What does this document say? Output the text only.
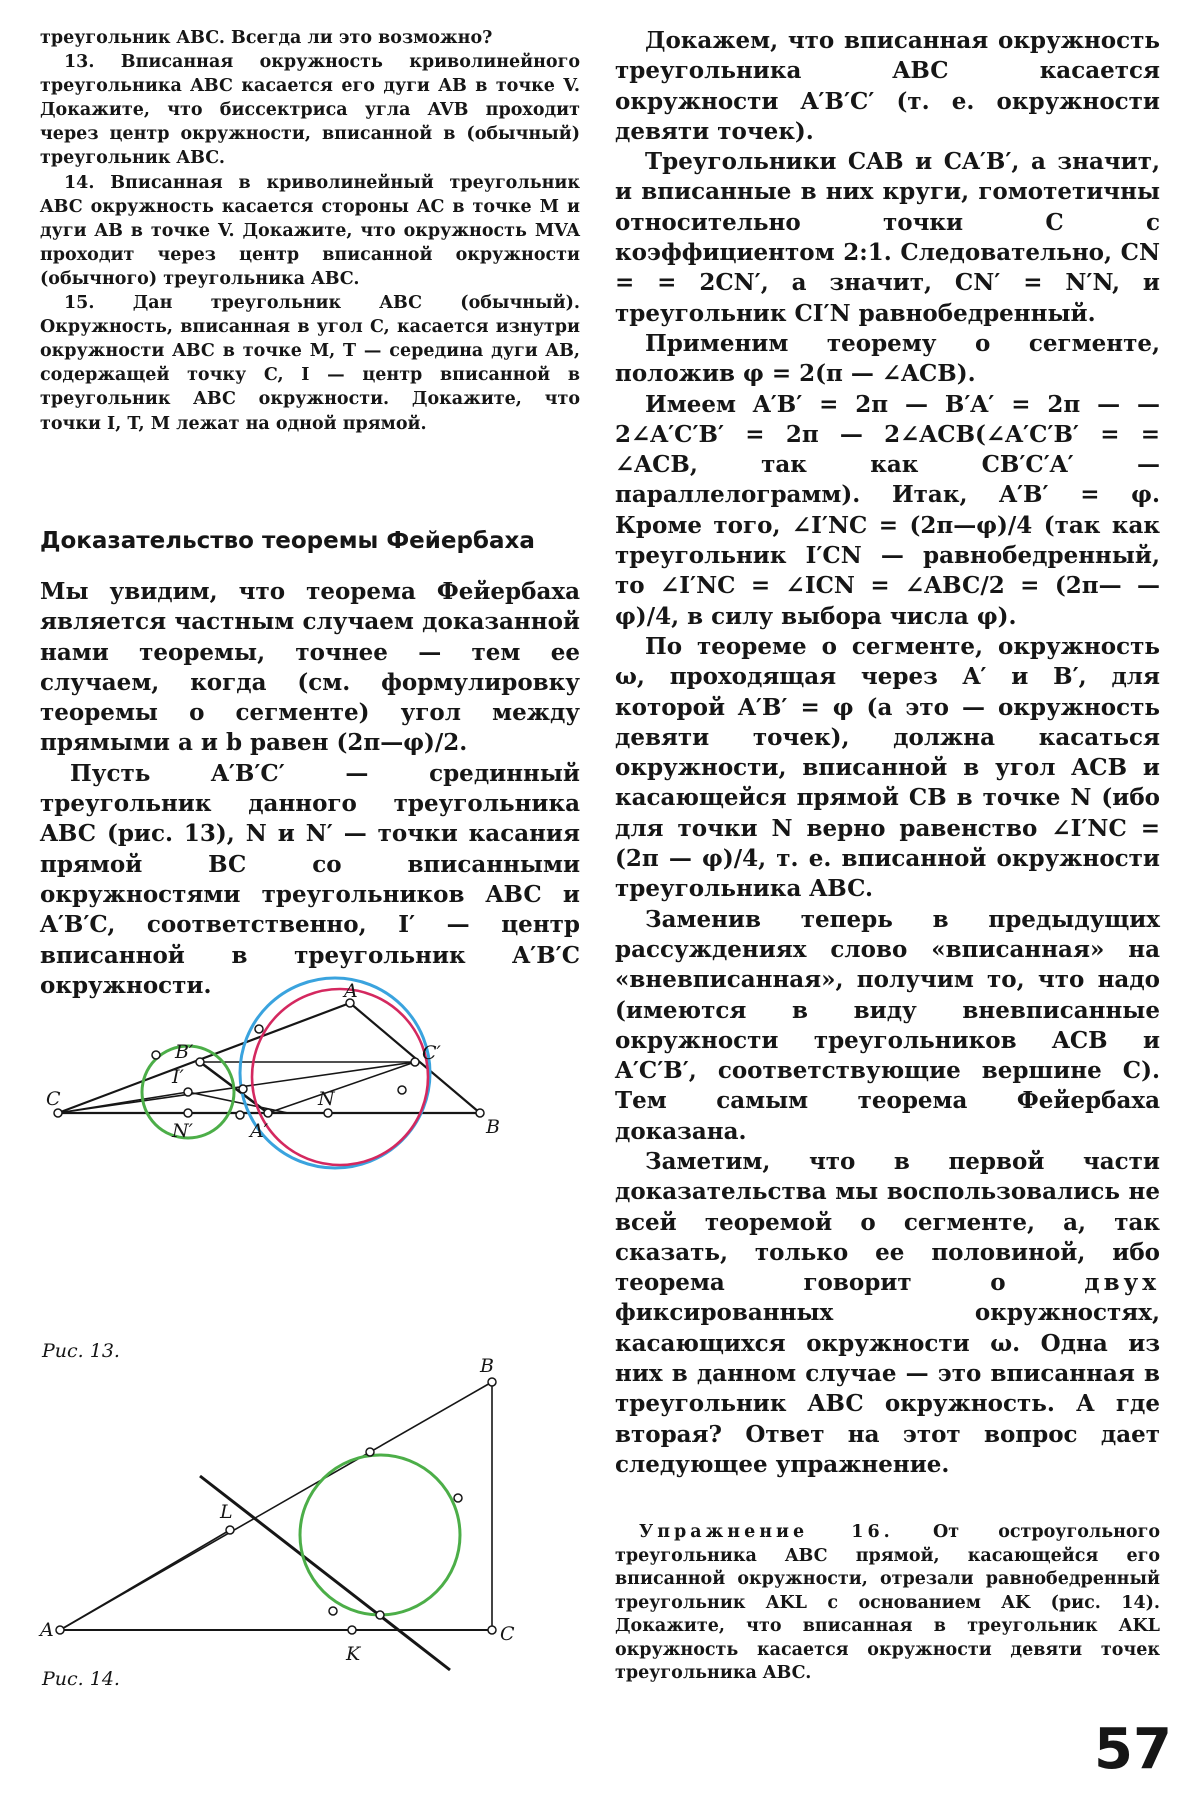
треугольник ABC. Всегда ли это возможно?

13. Вписанная окружность криволинейного треугольника ABC касается его дуги AB в точке V. Докажите, что биссектриса угла AVB проходит через центр окружности, вписанной в (обычный) треугольник ABC.

14. Вписанная в криволинейный треугольник ABC окружность касается стороны AC в точке M и дуги AB в точке V. Докажите, что окружность MVA проходит через центр вписанной окружности (обычного) треугольника ABC.

15. Дан треугольник ABC (обычный). Окружность, вписанная в угол C, касается изнутри окружности ABC в точке M, T — середина дуги AB, содержащей точку C, I — центр вписанной в треугольник ABC окружности. Докажите, что точки I, T, M лежат на одной прямой.

Доказательство теоремы Фейербаха

Мы увидим, что теорема Фейербаха является частным случаем доказанной нами теоремы, точнее — тем ее случаем, когда (см. формулировку теоремы о сегменте) угол между прямыми a и b равен (2π—φ)/2.

Пусть A′B′C′ — срединный треугольник данного треугольника ABC (рис. 13), N и N′ — точки касания прямой BC со вписанными окружностями треугольников ABC и A′B′C, соответственно, I′ — центр вписанной в треугольник A′B′C окружности.	A
B
C
B′	C′
A′
I′
N
N′
Рис. 13.
A
B
C
L
K
Рис. 14.

Докажем, что вписанная окружность треугольника ABC касается окружности A′B′C′ (т. е. окружности девяти точек).

Треугольники CAB и CA′B′, а значит, и вписанные в них круги, гомотетичны относительно точки C с коэффициентом 2:1. Следовательно, CN = = 2CN′, а значит, CN′ = N′N, и треугольник CI′N равнобедренный.

Применим теорему о сегменте, положив φ = 2(π — ∠ACB).

Имеем A′B′ = 2π — B′A′ = 2π — —2∠A′C′B′ = 2π — 2∠ACB(∠A′C′B′ = = ∠ACB, так как CB′C′A′ — параллелограмм). Итак, A′B′ = φ. Кроме того, ∠I′NC = (2π—φ)/4 (так как треугольник I′CN — равнобедренный, то ∠I′NC = ∠ICN = ∠ABC/2 = (2π— —φ)/4, в силу выбора числа φ).

По теореме о сегменте, окружность ω, проходящая через A′ и B′, для которой A′B′ = φ (а это — окружность девяти точек), должна касаться окружности, вписанной в угол ACB и касающейся прямой CB в точке N (ибо для точки N верно равенство ∠I′NC = (2π — φ)/4, т. е. вписанной окружности треугольника ABC.

Заменив теперь в предыдущих рассуждениях слово «вписанная» на «вневписанная», получим то, что надо (имеются в виду вневписанные окружности треугольников ACB и A′C′B′, соответствующие вершине C). Тем самым теорема Фейербаха доказана.

Заметим, что в первой части доказательства мы воспользовались не всей теоремой о сегменте, а, так сказать, только ее половиной, ибо теорема говорит о двух фиксированных окружностях, касающихся окружности ω. Одна из них в данном случае — это вписанная в треугольник ABC окружность. А где вторая? Ответ на этот вопрос дает следующее упражнение.

Упражнение 16. От остроугольного треугольника ABC прямой, касающейся его вписанной окружности, отрезали равнобедренный треугольник AKL с основанием AK (рис. 14). Докажите, что вписанная в треугольник AKL окружность касается окружности девяти точек треугольника ABC.

57
